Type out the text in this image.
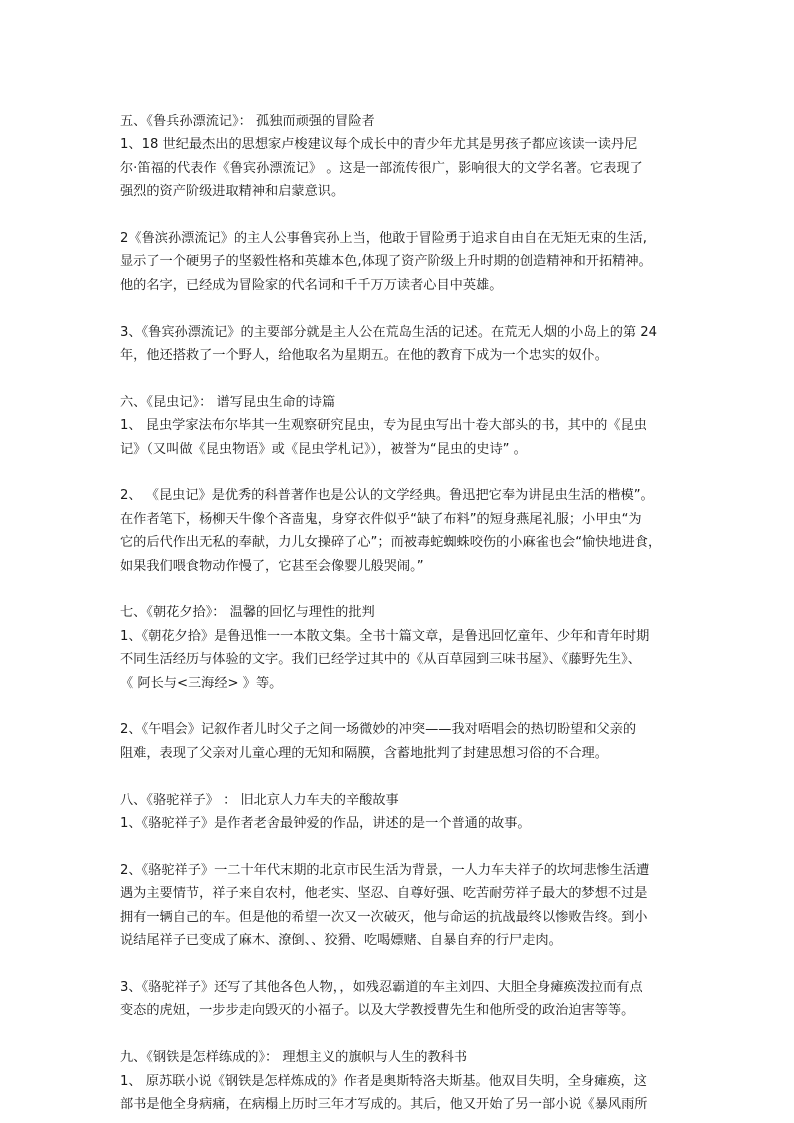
五、《鲁兵孙漂流记》： 孤独而顽强的冒险者
1、18 世纪最杰出的思想家卢梭建议每个成长中的青少年尤其是男孩子都应该读一读丹尼
尔·笛福的代表作《鲁宾孙漂流记》 。这是一部流传很广，影响很大的文学名著。它表现了
强烈的资产阶级进取精神和启蒙意识。
2《鲁滨孙漂流记》的主人公事鲁宾孙上当，他敢于冒险勇于追求自由自在无矩无束的生活,
显示了一个硬男子的坚毅性格和英雄本色,体现了资产阶级上升时期的创造精神和开拓精神。
他的名字，已经成为冒险家的代名词和千千万万读者心目中英雄。
3、《鲁宾孙漂流记》的主要部分就是主人公在荒岛生活的记述。在荒无人烟的小岛上的第 24
年，他还搭救了一个野人，给他取名为星期五。在他的教育下成为一个忠实的奴仆。
六、《昆虫记》： 谱写昆虫生命的诗篇
1、 昆虫学家法布尔毕其一生观察研究昆虫，专为昆虫写出十卷大部头的书，其中的《昆虫
记》（又叫做《昆虫物语》或《昆虫学札记》），被誉为“昆虫的史诗” 。
2、 《昆虫记》是优秀的科普著作也是公认的文学经典。鲁迅把它奉为讲昆虫生活的楷模”。
在作者笔下，杨柳天牛像个吝啬鬼，身穿衣件似乎“缺了布料”的短身燕尾礼服；小甲虫“为
它的后代作出无私的奉献，力儿女操碎了心”；而被毒蛇蜘蛛咬伤的小麻雀也会“愉快地进食，
如果我们喂食物动作慢了，它甚至会像婴儿般哭闹。”
七、《朝花夕拾》： 温馨的回忆与理性的批判
1、《朝花夕拾》是鲁迅惟一一本散文集。全书十篇文章，是鲁迅回忆童年、少年和青年时期
不同生活经历与体验的文字。我们已经学过其中的《从百草园到三味书屋》、《藤野先生》、
《 阿长与<三海经> 》等。
2、《午唱会》记叙作者儿时父子之间一场微妙的冲突——我对唔唱会的热切盼望和父亲的
阻难，表现了父亲对儿童心理的无知和隔膜，含蓄地批判了封建思想习俗的不合理。
八、《骆驼祥子》 ： 旧北京人力车夫的辛酸故事
1、《骆驼祥子》是作者老舍最钟爱的作品，讲述的是一个普通的故事。
2、《骆驼祥子》一二十年代末期的北京市民生活为背景，一人力车夫祥子的坎坷悲惨生活遭
遇为主要情节，祥子来自农村，他老实、坚忍、自尊好强、吃苦耐劳祥子最大的梦想不过是
拥有一辆自己的车。但是他的希望一次又一次破灭，他与命运的抗战最终以惨败告终。到小
说结尾祥子已变成了麻木、潦倒、、狡猾、吃喝嫖赌、自暴自弃的行尸走肉。
3、《骆驼祥子》还写了其他各色人物，，如残忍霸道的车主刘四、大胆全身瘫痪泼拉而有点
变态的虎妞，一步步走向毁灭的小福子。以及大学教授曹先生和他所受的政治迫害等等。
九、《钢铁是怎样练成的》： 理想主义的旗帜与人生的教科书
1、 原苏联小说《钢铁是怎样炼成的》作者是奥斯特洛夫斯基。他双目失明，全身瘫痪，这
部书是他全身病痛，在病榻上历时三年才写成的。其后，他又开始了另一部小说《暴风雨所
